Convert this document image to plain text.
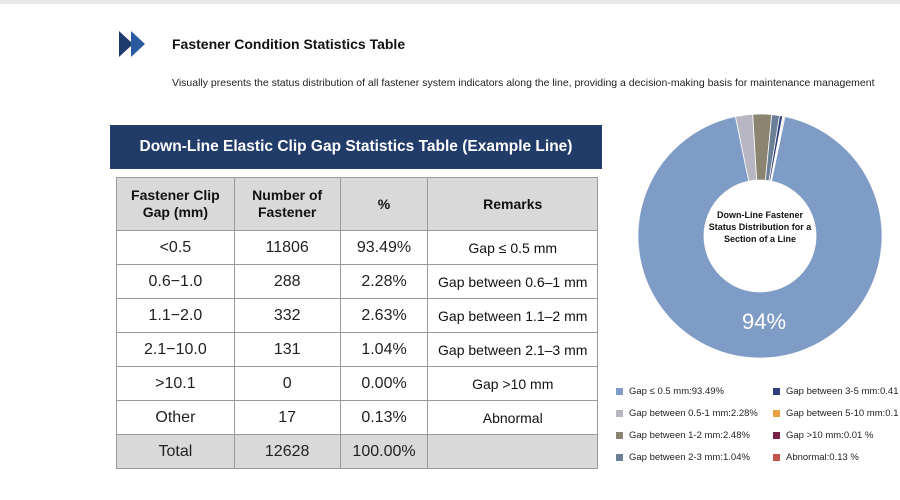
Fastener Condition Statistics Table
Visually presents the status distribution of all fastener system indicators along the line, providing a decision-making basis for maintenance management
Down-Line Elastic Clip Gap Statistics Table (Example Line)
Fastener Clip Gap (mm)	Number of Fastener	%	Remarks
<0.5	11806	93.49%	Gap ≤ 0.5 mm
0.6−1.0	288	2.28%	Gap between 0.6–1 mm
1.1−2.0	332	2.63%	Gap between 1.1–2 mm
2.1−10.0	131	1.04%	Gap between 2.1–3 mm
>10.1	0	0.00%	Gap >10 mm
Other	17	0.13%	Abnormal
Total	12628	100.00%	
Down-Line Fastener Status Distribution for a Section of a Line
94%
Gap ≤ 0.5 mm:93.49%
Gap between 0.5-1 mm:2.28%
Gap between 1-2 mm:2.48%
Gap between 2-3 mm:1.04%
Gap between 3-5 mm:0.41
Gap between 5-10 mm:0.1
Gap >10 mm:0.01 %
Abnormal:0.13 %
